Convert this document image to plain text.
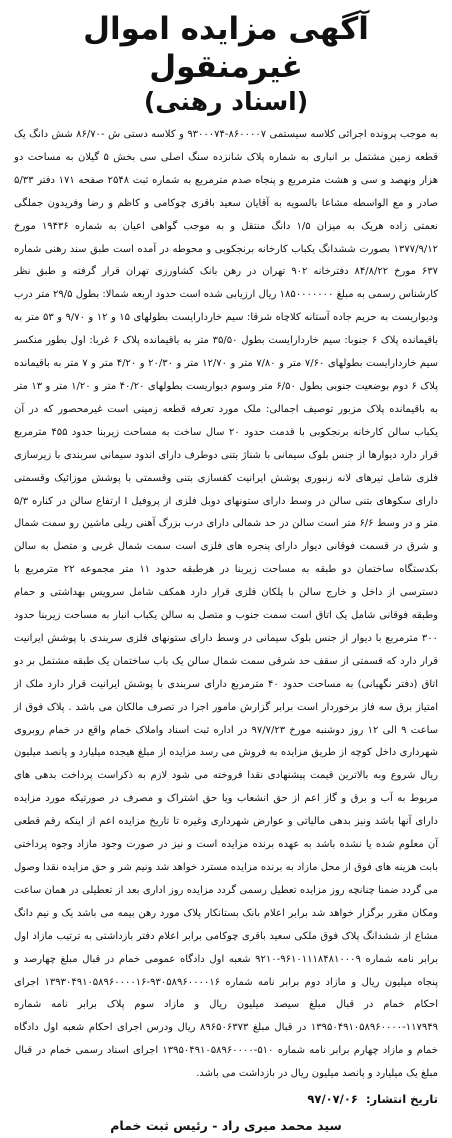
آگهی مزایده اموال غیرمنقول
(اسناد رهنی)

به موجب پرونده اجرائی کلاسه سیستمی ۸۶۰۰۰۰۷-۹۳۰۰۰۷۴ و کلاسه دستی ش -۸۶/۷۰ شش دانگ یک قطعه زمین مشتمل بر انباری به شماره پلاک شانزده سنگ اصلی سی بخش ۵ گیلان به مساحت دو هزار ونهصد و سی و هشت مترمربع و پنجاه صدم مترمربع به شماره ثبت ۲۵۴۸ صفحه ۱۷۱ دفتر ۵/۳۳ صادر و مع الواسطه مشاعا بالسویه به آقایان سعید باقری چوکامی و کاظم و رضا وفریدون جملگی نعمتی زاده هریک به میزان ۱/۵ دانگ منتقل و به موجب گواهی اعیان به شماره ۱۹۴۳۶ مورخ ۱۳۷۷/۹/۱۲ بصورت ششدانگ یکباب کارخانه برنجکوبی و محوطه در آمده است طبق سند رهنی شماره ۶۳۷ مورخ ۸۴/۸/۲۲ دفترخانه ۹۰۲ تهران در رهن بانک کشاورزی تهران قرار گرفته و طبق نظر کارشناس رسمی به مبلغ ۱۸۵۰۰۰۰۰۰۰ ریال ارزیابی شده است حدود اربعه شمالا: بطول ۲۹/۵ متر درب ودیواریست به حریم جاده آستانه کلاچاه شرقا: سیم خاردارایست بطولهای ۱۵ و ۱۲ و ۹/۷۰ و ۵۳ متر به باقیمانده پلاک ۶ جنوبا: سیم خاردارایست بطول ۳۵/۵۰ متر به باقیمانده پلاک ۶ غربا: اول بطور منکسر سیم خاردارایست بطولهای ۷/۶۰ متر و ۷/۸۰ متر و ۱۲/۷۰ متر و ۲۰/۳۰ و ۴/۲۰ متر و ۷ متر به باقیمانده پلاک ۶ دوم بوضعیت جنوبی بطول ۶/۵۰ متر وسوم دیواریست بطولهای ۴۰/۲۰ متر و ۱/۲۰ متر و ۱۳ متر به باقیمانده پلاک مزبور توصیف اجمالی: ملک مورد تعرفه قطعه زمینی است غیرمحصور که در آن یکباب سالن کارخانه برنجکوبی با قدمت حدود ۲۰ سال ساخت به مساحت زیربنا حدود ۴۵۵ مترمربع قرار دارد دیوارها از جنس بلوک سیمانی با شناژ بتنی دوطرف دارای اندود سیمانی سربندی با زیرسازی فلزی شامل تیرهای لانه زنبوری پوشش ایرانیت کفسازی بتنی وقسمتی با پوشش موزائیک وقسمتی دارای سکوهای بتنی سالن در وسط دارای ستونهای دوبل فلزی از پروفیل I ارتفاع سالن در کناره ۵/۳ متر و در وسط ۶/۶ متر است سالن در حد شمالی دارای درب بزرگ آهنی ریلی ماشین رو سمت شمال و شرق در قسمت فوقانی دیوار دارای پنجره های فلزی است سمت شمال غربی و متصل به سالن بکدستگاه ساختمان دو طبقه به مساحت زیربنا در هرطبقه حدود ۱۱ متر مجموعه ۲۲ مترمربع با دسترسی از داخل و خارج سالن با پلکان فلزی قرار دارد همکف شامل سرویس بهداشتی و حمام وطبقه فوقانی شامل یک اتاق است سمت جنوب و متصل به سالن یکباب انبار به مساحت زیربنا حدود ۳۰۰ مترمربع با دیوار از جنس بلوک سیمانی در وسط دارای ستونهای فلزی سربندی با پوشش ایرانیت قرار دارد که قسمتی از سقف حد شرقی سمت شمال سالن یک باب ساختمان یک طبقه مشتمل بر دو اتاق (دفتر نگهبانی) به مساحت حدود ۴۰ مترمربع دارای سربندی با پوشش ایرانیت قرار دارد ملک از امتیاز برق سه فاز برخوردار است برابر گزارش مامور اجرا در تصرف مالکان می باشد . پلاک فوق از ساعت ۹ الی ۱۲ روز دوشنبه مورخ ۹۷/۷/۲۳ در اداره ثبت اسناد واملاک خمام واقع در خمام روبروی شهرداری داخل کوچه از طریق مزایده به فروش می رسد مزایده از مبلغ هیجده میلیارد و پانصد میلیون ریال شروع وبه بالاترین قیمت پیشنهادی نقدا فروخته می شود لازم به ذکراست پرداخت بدهی های مربوط به آب و برق و گاز اعم از حق انشعاب ویا حق اشتراک و مصرف در صورتیکه مورد مزایده دارای آنها باشد ونیز بدهی مالیاتی و عوارض شهرداری وغیره تا تاریخ مزایده اعم از اینکه رقم قطعی آن معلوم شده یا نشده باشد به عهده برنده مزایده است و نیز در صورت وجود مازاد وجوه پرداختی بابت هزینه های فوق از محل مازاد به برنده مزایده مسترد خواهد شد ونیم شر و حق مزایده نقدا وصول می گردد ضمنا چنانچه روز مزایده تعطیل رسمی گردد مزایده روز اداری بعد از تعطیلی در همان ساعت ومکان مقرر برگزار خواهد شد برابر اعلام بانک بستانکار پلاک مورد رهن بیمه می باشد یک و نیم دانگ مشاع از ششدانگ پلاک فوق ملکی سعید باقری چوکامی برابر اعلام دفتر بازداشتی به ترتیب مازاد اول برابر نامه شماره ۹۶۱۰۱۱۱۸۴۸۱۰۰۰۹-۹۲۱۰ شعبه اول دادگاه عمومی خمام در قبال مبلغ چهارصد و پنجاه میلیون ریال و مازاد دوم برابر نامه شماره ۹۳۰۵۸۹۶۰۰۰۰۱۶-۱۳۹۳۰۴۹۱۰۵۸۹۶۰۰۰۰۱۶ اجرای احکام خمام در قبال مبلغ سیصد میلیون ریال و مازاد سوم پلاک برابر نامه شماره ۱۱۷۹۴۹-۱۳۹۵۰۴۹۱۰۵۸۹۶۰۰۰۰ در قبال مبلغ ۸۹۶۵۰۶۳۷۳ ریال ودرس اجرای احکام شعبه اول دادگاه خمام و مازاد چهارم برابر نامه شماره ۵۱۰-۱۳۹۵۰۴۹۱۰۵۸۹۶۰۰۰۰ اجرای اسناد رسمی خمام در قبال مبلغ یک میلیارد و پانصد میلیون ریال در بازداشت می باشد.

تاریخ انتشار: ۹۷/۰۷/۰۶
سید محمد میری راد - رئیس ثبت خمام
